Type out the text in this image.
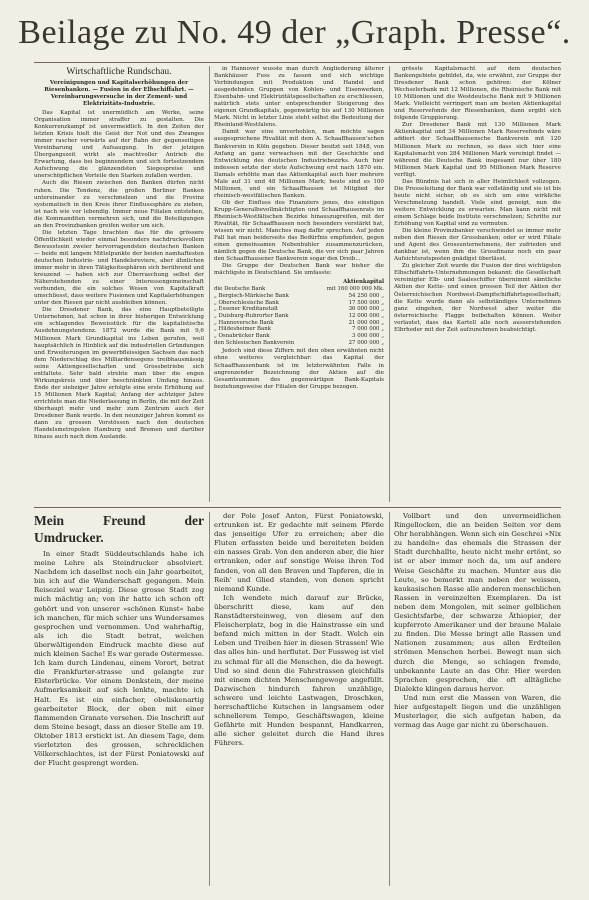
Beilage zu No. 49 der „Graph. Presse“.
Wirtschaftliche Rundschau.
Vereinigungen und Kapitalserhöhungen der Riesenbanken. — Fusion in der Elbschiffahrt. — Vereinbarungsversuche in der Zement- und Elektrizitäts-Industrie.

Das Kapital ist unermüdlich am Werke, seine Organisation immer straffer zu gestalten. Die Konkurrenzkampf ist unvermeidlich. In den Zeiten der letzten Krisis hielt die Geist der Not und des Zwanges immer rascher vorwärts auf der Bahn der gegenseitigen Vereinbarung und Aufsaugung. In der jetzigen Übergangszeit wirkt als machtvoller Antrieb die Erwartung, dass bei beginnendem und sich fortsetzendem Aufschwung die glänzendsten Siegespreise und unerschöpflichen Vorteile den Starken zufallen werden.

Auch die Riesen zwischen den Banken dürfen nicht ruhen. Die Tendenz, die großen Berliner Banken untereinander zu verschmelzen und die Provinz systematisch in den Kreis ihrer Einflusssphäre zu ziehen, ist nach wie vor lebendig. Immer neue Filialen entstehen, die Kommanditen vermehren sich, und die Beteiligungen an den Provinzbanken greifen weiter um sich.

Die letzten Tage brachten das für die grössere Öffentlichkeit wieder einmal besonders nachdrucksvollem Bewusstsein zweier hervorragendsten deutschen Banken — beide mit langem Mittelpunkte der beiden namhaftesten deutschen Industrie- und Handelsreviere, aber ähnlichen immer mehr in ihren Tätigkeitssphären sich berührend und kreuzend — haben sich zur Überraschung selbst der Näherstehenden zu einer Interessengemeinschaft verbunden, die ein solches Wesen von Kapitalkraft umschliesst, dass weitere Fusionen und Kapitalerhöhungen unter den Riesen gar nicht ausbleiben können.

Die Dresdener Bank, das eine Hauptbeteiligte Unternehmen, hat schon in ihrer bisherigen Entwicklung ein schlagendes Beweisstück für die kapitalistische Ausdehnungstendenz. 1872 wurde die Bank mit 9,6 Millionen Mark Grundkapital ins Leben gerufen, weil hauptsächlich in Hinblick auf die industriellen Gründungen und Erweiterungen im gewerbfleissigen Sachsen das nach dem Niederschlag des Milliardensegens treibhausmässig seine Aktiengesellschaften und Grossbetriebe sich entfaltete. Sehr bald strebte man über die engen Wirkungskreis und über beschränkten Umfang hinaus. Ende der siebziger Jahre erfolgte eine erste Erhöhung auf 15 Millionen Mark Kapital; Anfang der achtziger Jahre errichtete man die Niederlassung in Berlin, die mit der Zeit überhaupt mehr und mehr zum Zentrum auch der Dresdener Bank wurde. In den neunziger Jahren kommt es dann zu grossen Vorstössen nach den deutschen Handelsmetropolen Hamburg und Bremen und darüber hinaus auch nach dem Auslande.

in Hannover wusste man durch Angliederung älterer Bankhäuser Fuss zu fassen und sich wichtige Verbindungen mit Produktion und Handel und ausgedehnten Gruppen von Kohlen- und Eisenwerken, Eisenbahn- und Elektrizitätsgesellschaften zu erschliessen, natürlich stets unter entsprechender Steigerung des eigenen Grundkapitals, gegenwärtig bis auf 130 Millionen Mark. Nicht in letzter Linie steht selbst die Bedeutung der Rheinland-Westfalens.

Damit war eine unverhohlen, man möchte sagen ausgesprochene Rivalität mit dem A. Schaaffhausen’schen Bankverein in Köln gegeben. Dieser besitzt seit 1848, von Anfang an ganz verwachsen mit der Geschichte und Entwicklung des deutschen Industriebezirks. Auch hier indessen setzte der stete Aufschwung erst nach 1870 ein. Damals erhöhte man das Aktienkapital auch hier mehrere Male auf 31 und 48 Millionen Mark; heute sind es 100 Millionen, und ein Schaaffhausen ist Mitglied der rheinisch-westfälischen Banken.

Ob der Einfluss des Finanziers jenes, des einstigen Krupp-Generalbevollmächtigten und Schaaffhausenrats im Rheinisch-Westfälischen Bezirke hinauszugreifen, mit der Rivalität, für Schaaffhausen noch besonders verstärkt hat, wissen wir nicht. Manches mag dafür sprechen. Auf jeden Fall hat man beiderseits das Bedürfnis empfunden, gegen einen gemeinsamen Nebenbuhler zusammenzurücken, nämlich gegen die Deutsche Bank, die vor sich paar Jahren den Schaaffhausener Bankverein sogar den Dreib...

Die Gruppe der Deutschen Bank war bisher die mächtigste in Deutschland. Sie umfasste:

	Aktienkapital
die Deutsche Bank	mit 160 000 000 Mk.
„ Bergisch-Märkische Bank	54 250 000 „
„ Oberschlesische Bank	17 500 000 „
„ Essener Kreditanstalt	36 000 000 „
„ Duisburg-Ruhrorter Bank	12 000 000 „
„ Hannoversche Bank	21 000 000 „
„ Hildesheimer Bank	7 000 000 „
„ Osnabrücker Bank	3 000 000 „
den Schlesischen Bankverein	27 000 000 „

Jedoch sind diese Ziffern mit den oben erwähnten nicht ohne weiteres vergleichbar: das Kapital der Schaaffhausenbank ist im letzterwähnten Falle in angrenzender Bezeichnung der Aktien auf die Gesamtsummen des gegenwärtigen Bank-Kapitals beziehungsweise der Filialen der Gruppe bezogen.

grösste Kapitalsmacht auf dem deutschen Bankengebiete gebildet, da, wie erwähnt, zur Gruppe der Dresdener Bank schon gehören: der Kölner Wechselerbank mit 12 Millionen, die Rheinische Bank mit 10 Millionen und die Westdeutsche Bank mit 9 Millionen Mark. Vielleicht verringert man am besten Aktienkapital und Reservefonds der Riesenbanken, dann ergibt sich folgende Gruppierung.

Zur Dresdener Bank mit 130 Millionen Mark Aktienkapital und 34 Millionen Mark Reservefonds wäre addiert der Schaaffhausensche Bankverein mit 120 Millionen Mark zu rechnen, so dass sich hier eine Kapitalsmacht von 284 Millionen Mark vereinigt findet — während die Deutsche Bank insgesamt nur über 180 Millionen Mark Kapital und 95 Millionen Mark Reserve verfügt.

Das Bündnis hat sich in aller Heimlichkeit vollzogen. Die Presseleitung der Bank war vollständig und sie ist bis heute nicht sicher, ob es sich um eine wirkliche Verschmelzung handelt. Viele sind geneigt, nun die weitere Entwicklung zu erwarten. Man kann nicht mit einem Schlage beide Institute verschmelzen; Schritte zur Erhöhung von Kapital sind zu vermuten.

Die kleine Provinzbanker verschwindet so immer mehr neben den Riesen der Grossbanken; oder er wird Filiale und Agent des Grossunternehmens, der zufrieden und dankbar ist, wenn ihm die Grossfinanz noch ein paar Aufsichtsratsposten gnädigst überlässt.

Zu gleicher Zeit wurde die Fusion der drei wichtigsten Elbschiffahrts-Unternehmungen bekannt: die Gesellschaft vereinigter Elb- und Saaleschiffer übernimmt sämtliche Aktien der Kette- und einen grossen Teil der Aktien der Österreichischen Nordwest-Dampfschiffahrtsgesellschaft; die Kette wurde dann als selbständiges Unternehmen ganz eingehen, der Nordwest aber weiter die österreichische Flagge beibehalten können. Weiter verlautet, dass das Kartell alle noch ausserstehenden Elbrheder mit der Zeit aufzunehmen beabsichtigt.

Mein Freund der Umdrucker.

In einer Stadt Süddeutschlands habe ich meine Lehre als Steindrucker absolviert. Nachdem ich daselbst noch ein Jahr gearbeitet, bin ich auf die Wanderschaft gegangen. Mein Reiseziel war Leipzig. Diese grosse Stadt zog mich mächtig an; von ihr hatte ich schon oft gehört und von unserer »schönen Kunst« habe ich manchen, für mich schier uns Wundersames gesprochen und vernommen. Und wahrhaftig, als ich die Stadt betrat, welchen überwältigenden Eindruck machte diese auf mich kleinen Sache! Es war gerade Ostermesse. Ich kam durch Lindenau, einem Vorort, betrat die Frankfurter-strasse und gelangte zur Elsterbrücke. Vor einem Denkstein, der meine Aufmerksamkeit auf sich lenkte, machte ich Halt. Es ist ein einfacher, obeliskenartig gearbeiteter Block, der oben mit einer flammenden Granate versehen. Die Inschrift auf dem Steine besagt, dass an dieser Stelle am 19. Oktober 1813 erstickt ist. An diesem Tage, dem vierletzten des grossen, schrecklichen Völkerschlachtes, ist der Fürst Poniatowski auf der Flucht gesprengt worden.

der Pole Josef Anton, Fürst Poniatowski, ertrunken ist. Er gedachte mit seinem Pferde das jenseitige Ufer zu erreichen; aber die Fluten erfassten beide und bereiteten beiden ein nasses Grab. Von den anderen aber, die hier ertranken, oder auf sonstige Weise ihren Tod fanden, von all den Braven und Tapferen, die in Reih' und Glied standen, von denen spricht niemand Kunde.

Ich wendete mich darauf zur Brücke, überschritt diese, kam auf den Ranstädtersteinweg, von diesem auf den Fleischerplatz, bog in die Hainstrasse ein und befand mich mitten in der Stadt. Welch ein Leben und Treiben hier in diesen Strassen! Wie das alles hin- und herflutet. Der Fussweg ist viel zu schmal für all die Menschen, die da bewegt. Und so sind denn die Fahrstrassen gleichfalls mit einem dichten Menschengewoge angefüllt. Dazwischen hindurch fahren unzählige, schwere und leichte Lastwagen, Droschken, herrschaftliche Kutschen in langsamem oder schnellerem Tempo, Geschäftswagen, kleine Gefährte mit Hunden bespannt, Handkarren, alle sicher geleitet durch die Hand ihres Führers.

Vollbart und den unvermeidlichen Ringellocken, die an beiden Seiten vor dem Ohr herabhängen. Wenn sich ein Geschrei »Nix zu handeln« das ehemals die Strassen der Stadt durchhallte, heute nicht mehr ertönt, so ist er aber immer noch da, um auf andere Weise Geschäfte zu machen. Munter aus die Leute, so bemerkt man neben der weissen, kaukasischen Rasse alle anderen menschlichen Rassen in vereinzelten Exemplaren. Da ist neben dem Mongolen, mit seiner gelblichen Gesichtsfarbe, der schwarze Äthiopier, der kupferrote Amerikaner und der braune Malaie zu finden. Die Messe bringt alle Rassen und Nationen zusammen; aus allen Erdteilen strömen Menschen herbei. Bewegt man sich durch die Menge, so schlagen fremde, unbekannte Laute an das Ohr. Hier werden Sprachen gesprochen, die oft alltägliche Dialekte klingen daraus hervor.

Und nun erst die Massen von Waren, die hier aufgestapelt liegen und die unzähligen Musterlager, die sich aufgetan haben, da vermag das Auge gar nicht zu überschauen.
